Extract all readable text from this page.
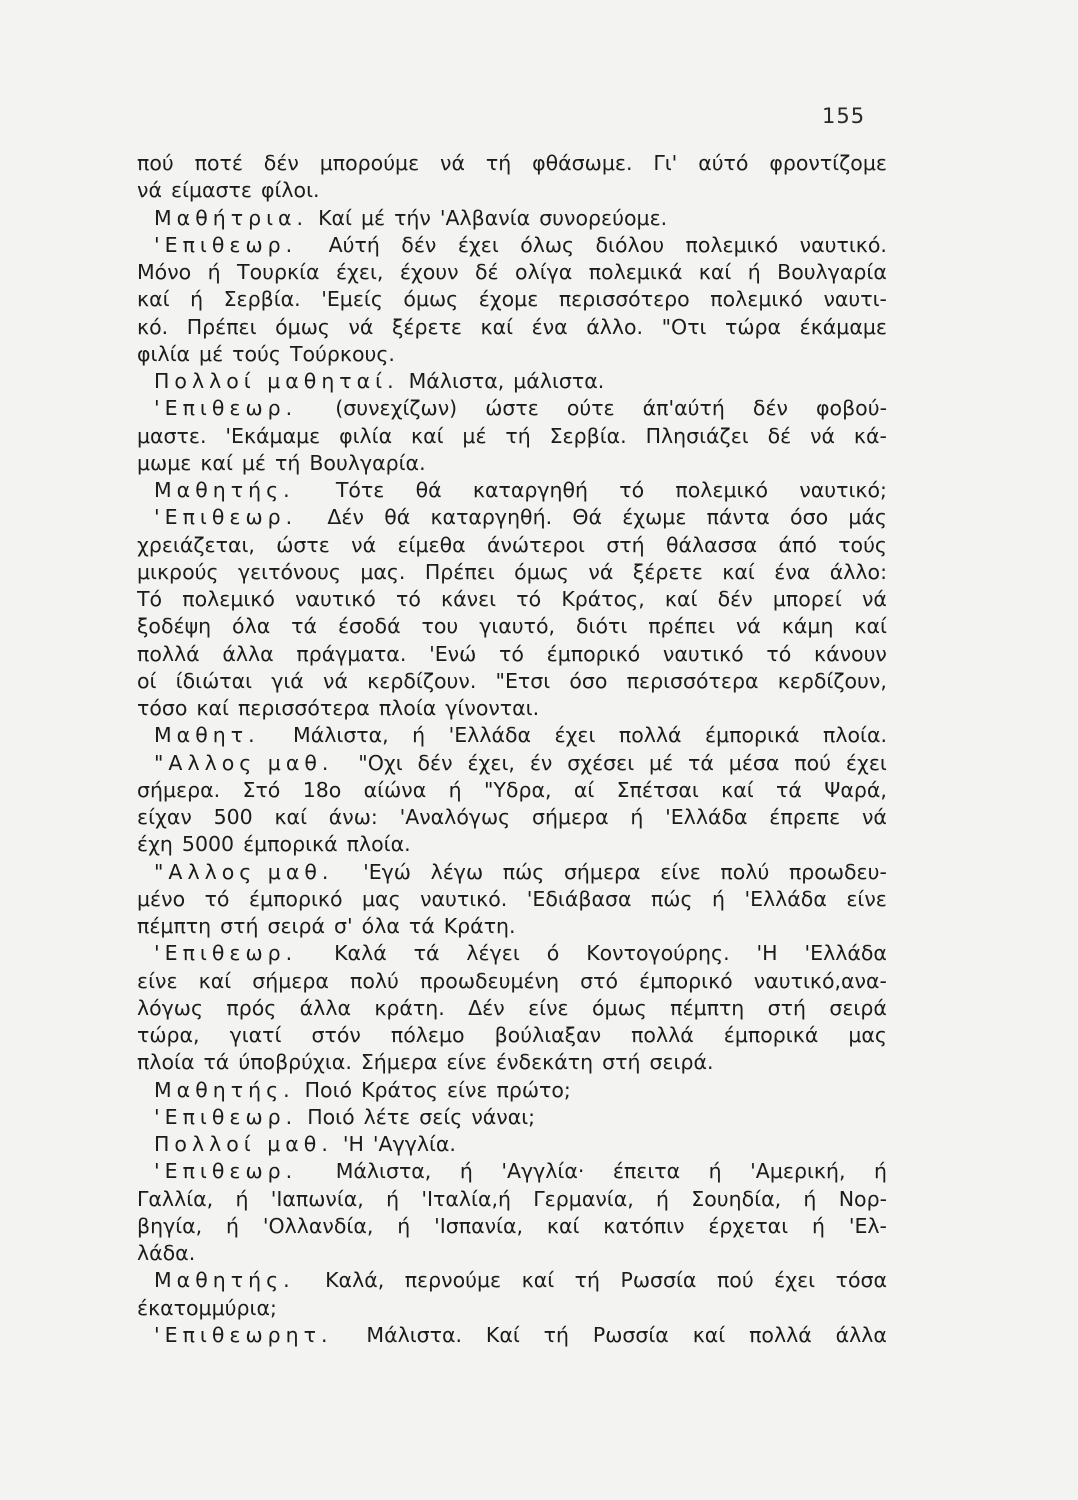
155
πού ποτέ δέν μπορούμε νά τή φθάσωμε. Γι' αύτό φροντίζομε
νά είμαστε φίλοι.
Μαθήτρια. Καί μέ τήν 'Αλβανία συνορεύομε.
'Επιθεωρ. Αύτή δέν έχει όλως διόλου πολεμικό ναυτικό.
Μόνο ή Τουρκία έχει, έχουν δέ ολίγα πολεμικά καί ή Βουλγαρία
καί ή Σερβία. 'Εμείς όμως έχομε περισσότερο πολεμικό ναυτι-
κό. Πρέπει όμως νά ξέρετε καί ένα άλλο. "Οτι τώρα έκάμαμε
φιλία μέ τούς Τούρκους.
Πολλοί μαθηταί. Μάλιστα, μάλιστα.
'Επιθεωρ. (συνεχίζων) ώστε ούτε άπ'αύτή δέν φοβού-
μαστε. 'Εκάμαμε φιλία καί μέ τή Σερβία. Πλησιάζει δέ νά κά-
μωμε καί μέ τή Βουλγαρία.
Μαθητής. Τότε θά καταργηθή τό πολεμικό ναυτικό;
'Επιθεωρ. Δέν θά καταργηθή. Θά έχωμε πάντα όσο μάς
χρειάζεται, ώστε νά είμεθα άνώτεροι στή θάλασσα άπό τούς
μικρούς γειτόνους μας. Πρέπει όμως νά ξέρετε καί ένα άλλο:
Τό πολεμικό ναυτικό τό κάνει τό Κράτος, καί δέν μπορεί νά
ξοδέψη όλα τά έσοδά του γιαυτό, διότι πρέπει νά κάμη καί
πολλά άλλα πράγματα. 'Ενώ τό έμπορικό ναυτικό τό κάνουν
οί ίδιώται γιά νά κερδίζουν. "Ετσι όσο περισσότερα κερδίζουν,
τόσο καί περισσότερα πλοία γίνονται.
Μαθητ. Μάλιστα, ή 'Ελλάδα έχει πολλά έμπορικά πλοία.
"Αλλος μαθ. "Οχι δέν έχει, έν σχέσει μέ τά μέσα πού έχει
σήμερα. Στό 18ο αίώνα ή "Υδρα, αί Σπέτσαι καί τά Ψαρά,
είχαν 500 καί άνω: 'Αναλόγως σήμερα ή 'Ελλάδα έπρεπε νά
έχη 5000 έμπορικά πλοία.
"Αλλος μαθ. 'Εγώ λέγω πώς σήμερα είνε πολύ προωδευ-
μένο τό έμπορικό μας ναυτικό. 'Εδιάβασα πώς ή 'Ελλάδα είνε
πέμπτη στή σειρά σ' όλα τά Κράτη.
'Επιθεωρ. Καλά τά λέγει ό Κοντογούρης. 'Η 'Ελλάδα
είνε καί σήμερα πολύ προωδευμένη στό έμπορικό ναυτικό,ανα-
λόγως πρός άλλα κράτη. Δέν είνε όμως πέμπτη στή σειρά
τώρα, γιατί στόν πόλεμο βούλιαξαν πολλά έμπορικά μας
πλοία τά ύποβρύχια. Σήμερα είνε ένδεκάτη στή σειρά.
Μαθητής. Ποιό Κράτος είνε πρώτο;
'Επιθεωρ. Ποιό λέτε σείς νάναι;
Πολλοί μαθ. 'Η 'Αγγλία.
'Επιθεωρ. Μάλιστα, ή 'Αγγλία· έπειτα ή 'Αμερική, ή
Γαλλία, ή 'Ιαπωνία, ή 'Ιταλία,ή Γερμανία, ή Σουηδία, ή Νορ-
βηγία, ή 'Ολλανδία, ή 'Ισπανία, καί κατόπιν έρχεται ή 'Ελ-
λάδα.
Μαθητής. Καλά, περνούμε καί τή Ρωσσία πού έχει τόσα
έκατομμύρια;
'Επιθεωρητ. Μάλιστα. Καί τή Ρωσσία καί πολλά άλλα
